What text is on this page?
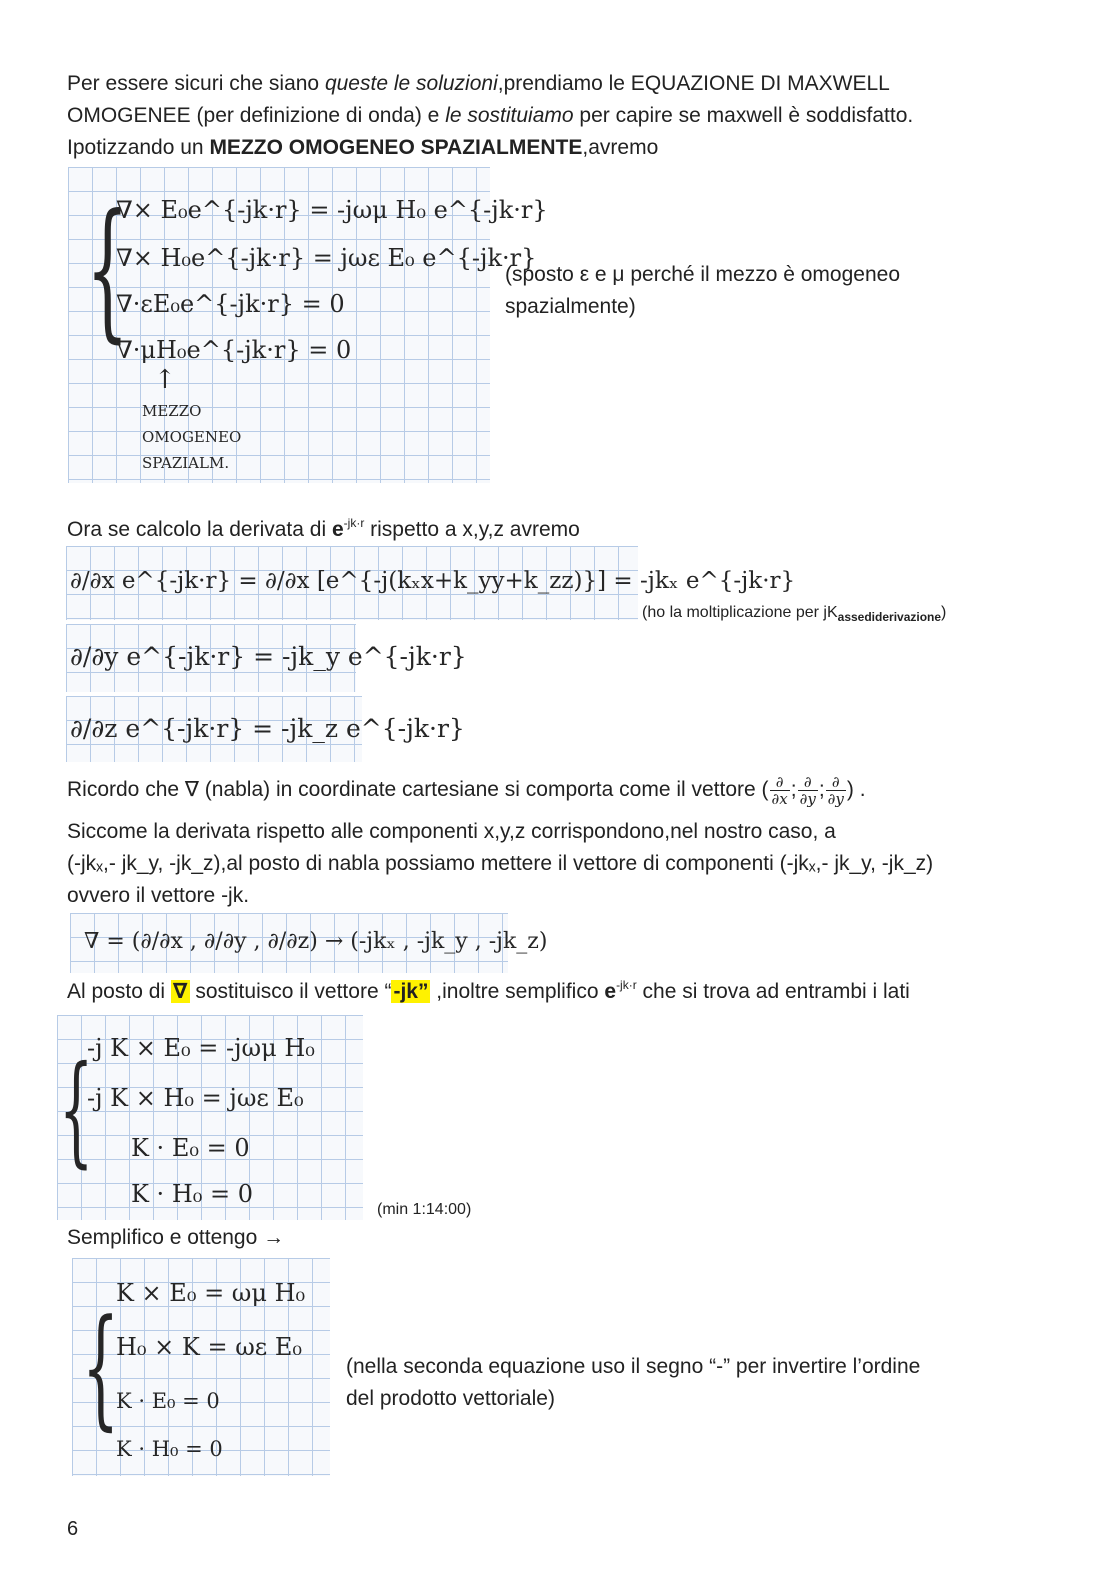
Per essere sicuri che siano queste le soluzioni,prendiamo le EQUAZIONE DI MAXWELL
OMOGENEE (per definizione di onda) e le sostituiamo per capire se maxwell è soddisfatto.
Ipotizzando un MEZZO OMOGENEO SPAZIALMENTE,avremo
{
∇× E₀e^{-jk·r} = -jωμ H₀ e^{-jk·r}
∇× H₀e^{-jk·r} = jωε E₀ e^{-jk·r}
∇·εE₀e^{-jk·r} = 0
∇·μH₀e^{-jk·r} = 0
↑
MEZZO
OMOGENEO
SPAZIALM.
(sposto ε e μ perché il mezzo è omogeneo
spazialmente)
Ora se calcolo la derivata di $e^{-jk\cdot r}$ rispetto a x,y,z avremo
∂/∂x e^{-jk·r} = ∂/∂x [e^{-j(kₓx+k_yy+k_zz)}] = -jkₓ e^{-jk·r}
(ho la moltiplicazione per $jK_{assediderivazione}$)
∂/∂y e^{-jk·r} = -jk_y e^{-jk·r}
∂/∂z e^{-jk·r} = -jk_z e^{-jk·r}
Ricordo che ∇ (nabla) in coordinate cartesiane si comporta come il vettore ( $\frac{\partial}{\partial x}$ ; $\frac{\partial}{\partial y}$ ; $\frac{\partial}{\partial y}$ ) .
Siccome la derivata rispetto alle componenti x,y,z corrispondono,nel nostro caso, a
(-jkₓ,- jk_y, -jk_z),al posto di nabla possiamo mettere il vettore di componenti (-jkₓ,- jk_y, -jk_z)
ovvero il vettore -jk.
∇ = (∂/∂x , ∂/∂y , ∂/∂z) → (-jkₓ , -jk_y , -jk_z)
Al posto di ∇ sostituisco il vettore “-jk” ,inoltre semplifico $e^{-jk\cdot r}$ che si trova ad entrambi i lati
{
-j K × E₀ = -jωμ H₀
-j K × H₀ = jωε E₀
K · E₀ = 0
K · H₀ = 0
(min 1:14:00)
Semplifico e ottengo →
{
K × E₀ = ωμ H₀
H₀ × K = ωε E₀
K · E₀ = 0
K · H₀ = 0
(nella seconda equazione uso il segno “-” per invertire l’ordine
del prodotto vettoriale)
6
